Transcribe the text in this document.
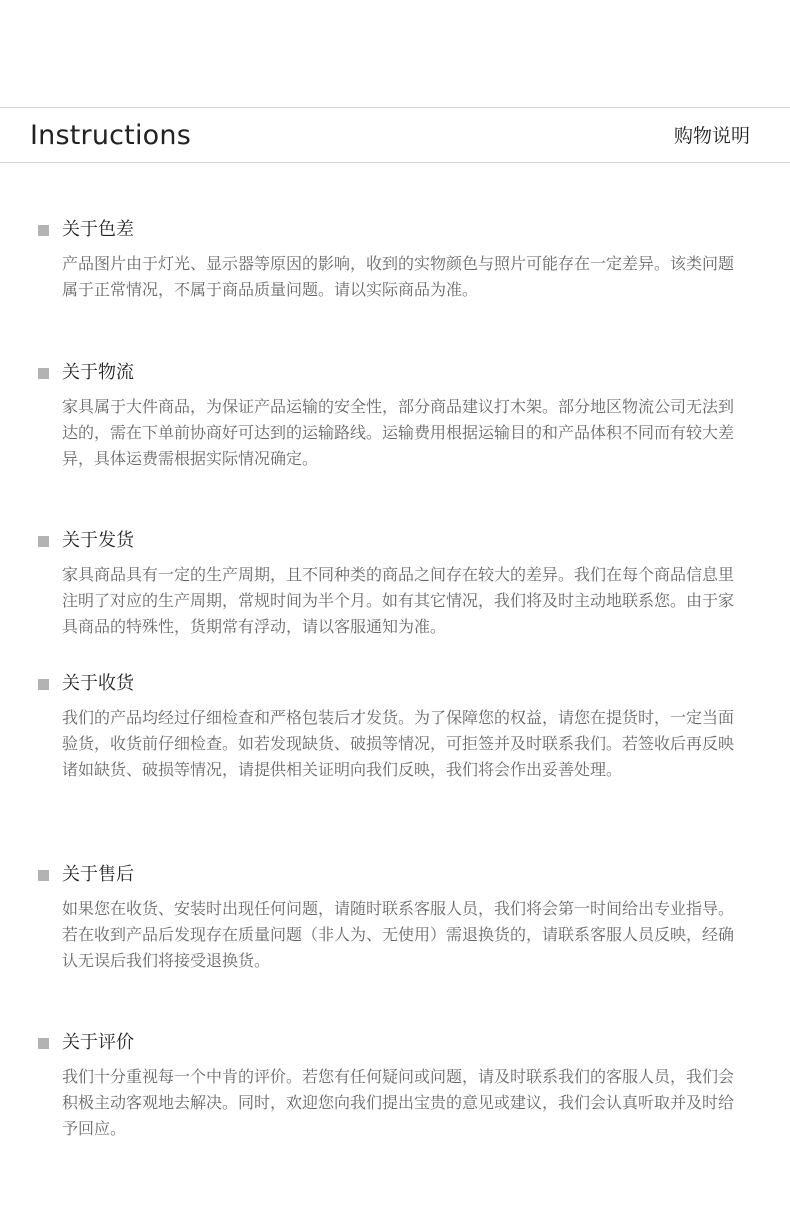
Instructions	购物说明
关于色差
产品图片由于灯光、显示器等原因的影响，收到的实物颜色与照片可能存在一定差异。该类问题属于正常情况，不属于商品质量问题。请以实际商品为准。
关于物流
家具属于大件商品，为保证产品运输的安全性，部分商品建议打木架。部分地区物流公司无法到达的，需在下单前协商好可达到的运输路线。运输费用根据运输目的和产品体积不同而有较大差异，具体运费需根据实际情况确定。
关于发货
家具商品具有一定的生产周期，且不同种类的商品之间存在较大的差异。我们在每个商品信息里注明了对应的生产周期，常规时间为半个月。如有其它情况，我们将及时主动地联系您。由于家具商品的特殊性，货期常有浮动，请以客服通知为准。
关于收货
我们的产品均经过仔细检查和严格包装后才发货。为了保障您的权益，请您在提货时，一定当面验货，收货前仔细检查。如若发现缺货、破损等情况，可拒签并及时联系我们。若签收后再反映诸如缺货、破损等情况，请提供相关证明向我们反映，我们将会作出妥善处理。
关于售后
如果您在收货、安装时出现任何问题，请随时联系客服人员，我们将会第一时间给出专业指导。若在收到产品后发现存在质量问题（非人为、无使用）需退换货的，请联系客服人员反映，经确认无误后我们将接受退换货。
关于评价
我们十分重视每一个中肯的评价。若您有任何疑问或问题，请及时联系我们的客服人员，我们会积极主动客观地去解决。同时，欢迎您向我们提出宝贵的意见或建议，我们会认真听取并及时给予回应。
